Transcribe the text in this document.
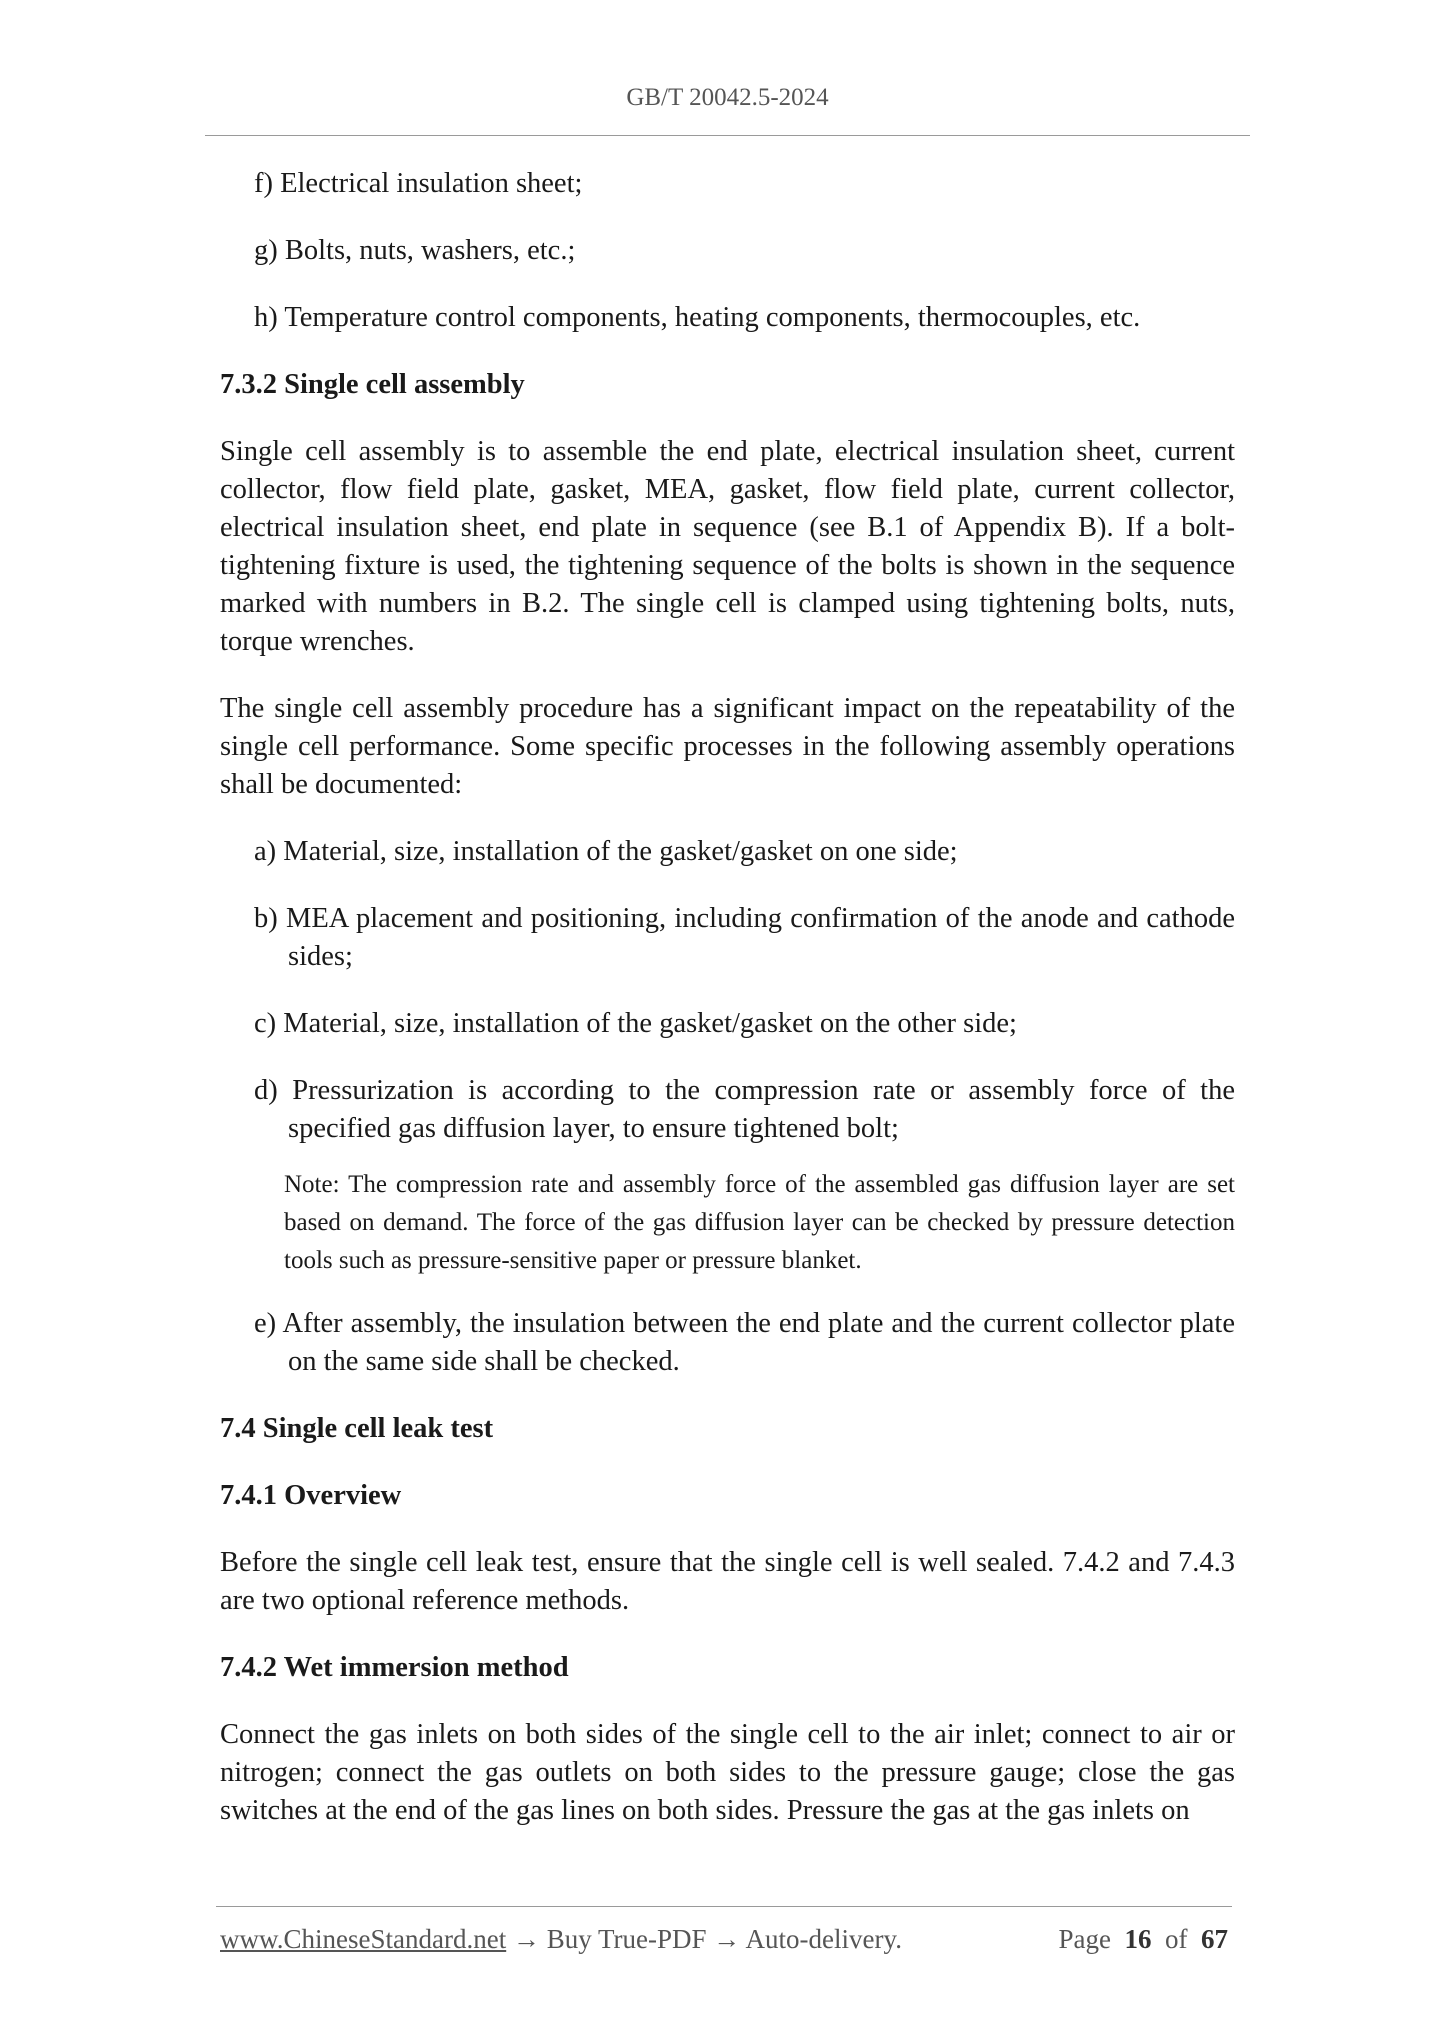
GB/T 20042.5-2024
f) Electrical insulation sheet;
g) Bolts, nuts, washers, etc.;
h) Temperature control components, heating components, thermocouples, etc.
7.3.2 Single cell assembly
Single cell assembly is to assemble the end plate, electrical insulation sheet, current collector, flow field plate, gasket, MEA, gasket, flow field plate, current collector, electrical insulation sheet, end plate in sequence (see B.1 of Appendix B). If a bolt-tightening fixture is used, the tightening sequence of the bolts is shown in the sequence marked with numbers in B.2. The single cell is clamped using tightening bolts, nuts, torque wrenches.
The single cell assembly procedure has a significant impact on the repeatability of the single cell performance. Some specific processes in the following assembly operations shall be documented:
a) Material, size, installation of the gasket/gasket on one side;
b) MEA placement and positioning, including confirmation of the anode and cathode sides;
c) Material, size, installation of the gasket/gasket on the other side;
d) Pressurization is according to the compression rate or assembly force of the specified gas diffusion layer, to ensure tightened bolt;
Note: The compression rate and assembly force of the assembled gas diffusion layer are set based on demand. The force of the gas diffusion layer can be checked by pressure detection tools such as pressure-sensitive paper or pressure blanket.
e) After assembly, the insulation between the end plate and the current collector plate on the same side shall be checked.
7.4 Single cell leak test
7.4.1 Overview
Before the single cell leak test, ensure that the single cell is well sealed. 7.4.2 and 7.4.3 are two optional reference methods.
7.4.2 Wet immersion method
Connect the gas inlets on both sides of the single cell to the air inlet; connect to air or nitrogen; connect the gas outlets on both sides to the pressure gauge; close the gas switches at the end of the gas lines on both sides. Pressure the gas at the gas inlets on
www.ChineseStandard.net → Buy True-PDF → Auto-delivery.	Page 16 of 67
